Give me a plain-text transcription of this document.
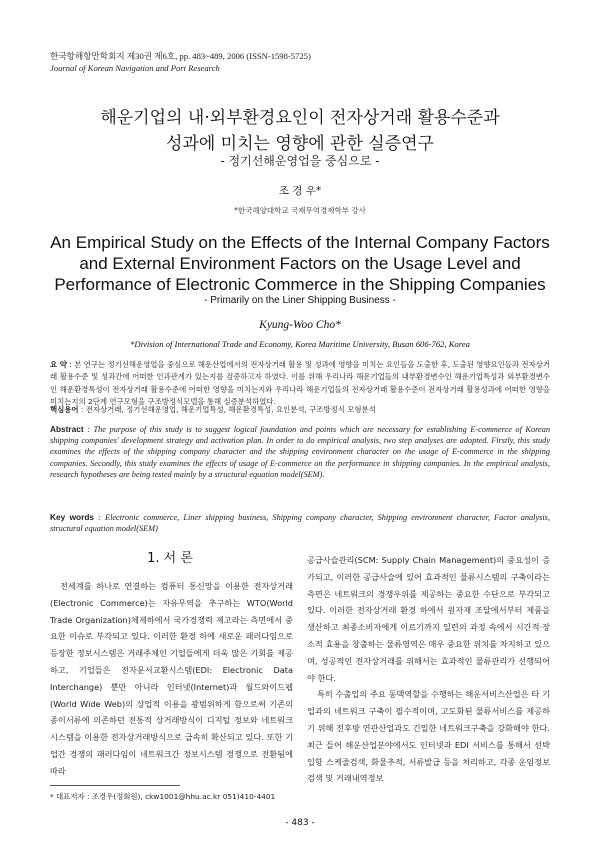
한국항해항만학회지 제30권 제6호, pp. 483~489, 2006 (ISSN-1598-5725)
Journal of Korean Navigation and Port Research
해운기업의 내·외부환경요인이 전자상거래 활용수준과
성과에 미치는 영향에 관한 실증연구
- 정기선해운영업을 중심으로 -
조 경 우*
*한국해양대학교 국제무역경제학부 강사
An Empirical Study on the Effects of the Internal Company Factors and External Environment Factors on the Usage Level and Performance of Electronic Commerce in the Shipping Companies
- Primarily on the Liner Shipping Business -
Kyung-Woo Cho*
*Division of International Trade and Economy, Korea Maritime University, Busan 606-762, Korea
요 약 : 본 연구는 정기선해운영업을 중심으로 해운산업에서의 전자상거래 활용 및 성과에 영향을 미치는 요인들을 도출한 후, 도출된 영향요인들과 전자상거래 활용수준 및 성과간에 어떠한 인과관계가 있는지를 검증하고자 하였다. 이를 위해 우리나라 해운기업들의 내부환경변수인 해운기업특성과 외부환경변수인 해운환경특성이 전자상거래 활용수준에 어떠한 영향을 미치는지와 우리나라 해운기업들의 전자상거래 활용수준이 전자상거래 활용성과에 어떠한 영향을 미치는지의 2단계 연구모형을 구조방정식모델을 통해 실증분석하였다.
핵심용어 : 전자상거래, 정기선해운영업, 해운기업특성, 해운환경특성, 요인분석, 구조방정식 모형분석
Abstract : The purpose of this study is to suggest logical foundation and points which are necessary for establishing E-commerce of Korean shipping companies' development strategy and activation plan. In order to do empirical analysis, two step analyses are adopted. Firstly, this study examines the effects of the shipping company character and the shipping environment character on the usage of E-commerce in the shipping companies. Secondly, this study examines the effects of usage of E-commerce on the performance in shipping companies. In the empirical analysis, research hypotheses are being tested mainly by a structural equation model(SEM).
Key words : Electronic commerce, Liner shipping business, Shipping company character, Shipping environment character, Factor analysis, structural equation model(SEM)
1. 서 론

전세계를 하나로 연결하는 컴퓨터 통신망을 이용한 전자상거래(Electronic Commerce)는 자유무역을 추구하는 WTO(World Trade Organization)체제하에서 국가경쟁력 제고라는 측면에서 중요한 이슈로 부각되고 있다. 이러한 환경 하에 새로운 패러다임으로 등장한 정보시스템은 거래주체인 기업들에게 더욱 많은 기회를 제공하고, 기업들은 전자문서교환시스템(EDI: Electronic Data Interchange) 뿐만 아니라 인터넷(Internet)과 월드와이드웹(World Wide Web)의 상업적 이용을 광범위하게 함으로써 기존의 종이서류에 의존하던 전통적 상거래방식이 디지털 정보와 네트워크시스템을 이용한 전자상거래방식으로 급속히 확산되고 있다. 또한 기업간 경쟁의 패러다임이 네트워크간 정보시스템 경쟁으로 전환됨에 따라

공급사슬관리(SCM: Supply Chain Management)의 중요성이 증가되고, 이러한 공급사슬에 있어 효과적인 물류시스템의 구축이라는 측면은 네트워크의 경쟁우위를 제공하는 중요한 수단으로 부각되고 있다. 이러한 전자상거래 환경 하에서 원자재 조달에서부터 제품을 생산하고 최종소비자에게 이르기까지 일련의 과정 속에서 시간적·장소적 효용을 창출하는 물류영역은 매우 중요한 위치를 차지하고 있으며, 성공적인 전자상거래를 위해서는 효과적인 물류관리가 선행되어야 한다.

특히 수출입의 주요 동맥역할을 수행하는 해운서비스산업은 타 기업과의 네트워크 구축이 필수적이며, 고도화된 물류서비스를 제공하기 위해 전후방 연관산업과도 긴밀한 네트워크구축을 강화해야 한다. 최근 들어 해운산업분야에서도 인터넷과 EDI 서비스를 통해서 선박입항 스케줄검색, 화물추적, 서류발급 등을 처리하고, 각종 운임정보검색 및 거래내역정보

* 대표저자 : 조경우(정회원), ckw1001@hhu.ac.kr 051)410-4401
- 483 -
